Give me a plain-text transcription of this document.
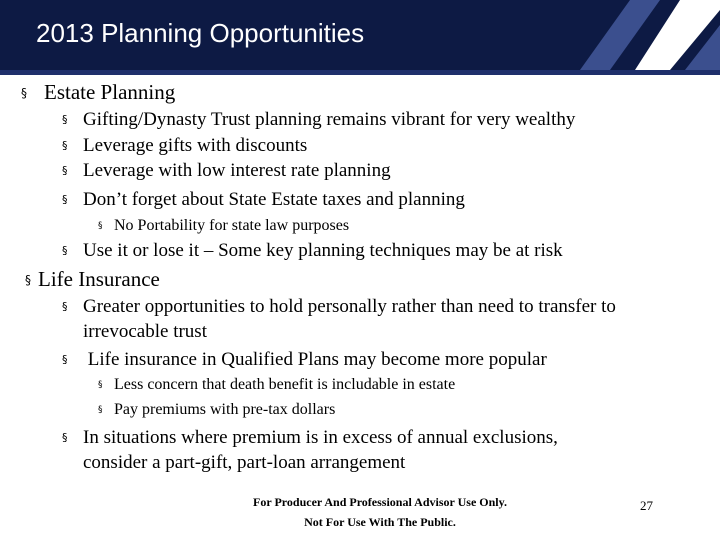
2013 Planning Opportunities
§ Estate Planning
§ Gifting/Dynasty Trust planning remains vibrant for very wealthy
§ Leverage gifts with discounts
§ Leverage with low interest rate planning
§ Don’t forget about State Estate taxes and planning
§ No Portability for state law purposes
§ Use it or lose it – Some key planning techniques may be at risk
§ Life Insurance
§ Greater opportunities to hold personally rather than need to transfer to
irrevocable trust
§ Life insurance in Qualified Plans may become more popular
§ Less concern that death benefit is includable in estate
§ Pay premiums with pre-tax dollars
§ In situations where premium is in excess of annual exclusions,
consider a part-gift, part-loan arrangement
For Producer And Professional Advisor Use Only.
Not For Use With The Public.
27
